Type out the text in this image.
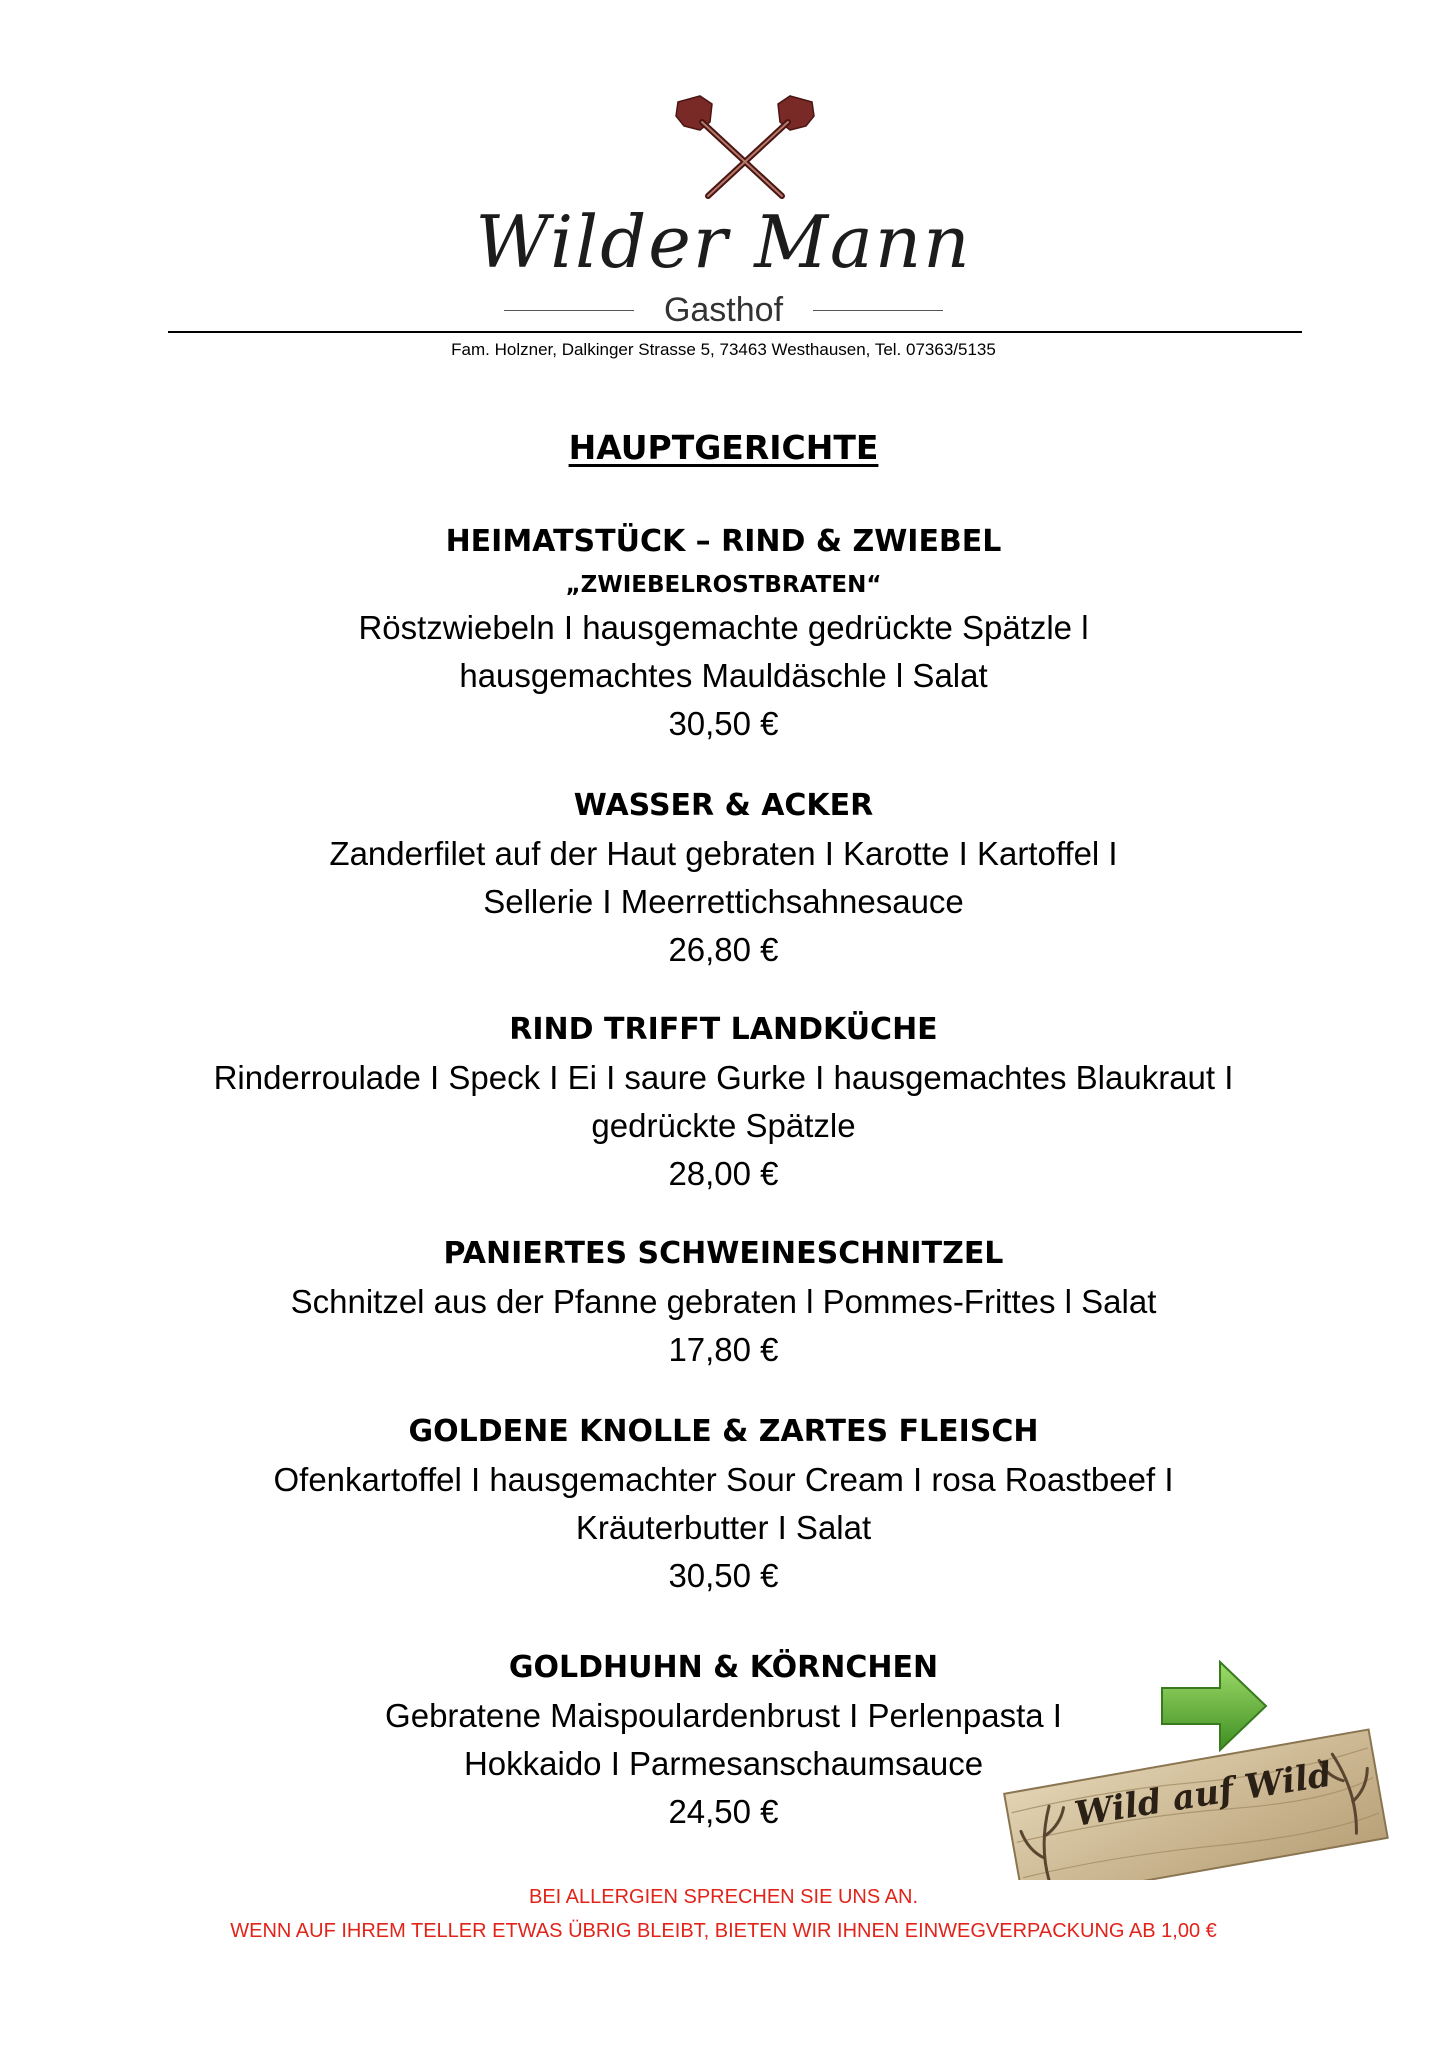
Wilder Mann
Gasthof
Fam. Holzner, Dalkinger Strasse 5, 73463 Westhausen, Tel. 07363/5135
HAUPTGERICHTE
HEIMATSTÜCK – RIND & ZWIEBEL
„ZWIEBELROSTBRATEN“
Röstzwiebeln I hausgemachte gedrückte Spätzle l
hausgemachtes Mauldäschle l Salat
30,50 €
WASSER & ACKER
Zanderfilet auf der Haut gebraten I Karotte I Kartoffel I
Sellerie I Meerrettichsahnesauce
26,80 €
RIND TRIFFT LANDKÜCHE
Rinderroulade I Speck I Ei I saure Gurke I hausgemachtes Blaukraut I
gedrückte Spätzle
28,00 €
PANIERTES SCHWEINESCHNITZEL
Schnitzel aus der Pfanne gebraten l Pommes-Frittes l Salat
17,80 €
GOLDENE KNOLLE & ZARTES FLEISCH
Ofenkartoffel I hausgemachter Sour Cream I rosa Roastbeef I
Kräuterbutter I Salat
30,50 €
GOLDHUHN & KÖRNCHEN
Gebratene Maispoulardenbrust I Perlenpasta I
Hokkaido I Parmesanschaumsauce
24,50 €	Wild auf Wild
BEI ALLERGIEN SPRECHEN SIE UNS AN.
WENN AUF IHREM TELLER ETWAS ÜBRIG BLEIBT, BIETEN WIR IHNEN EINWEGVERPACKUNG AB 1,00 €
